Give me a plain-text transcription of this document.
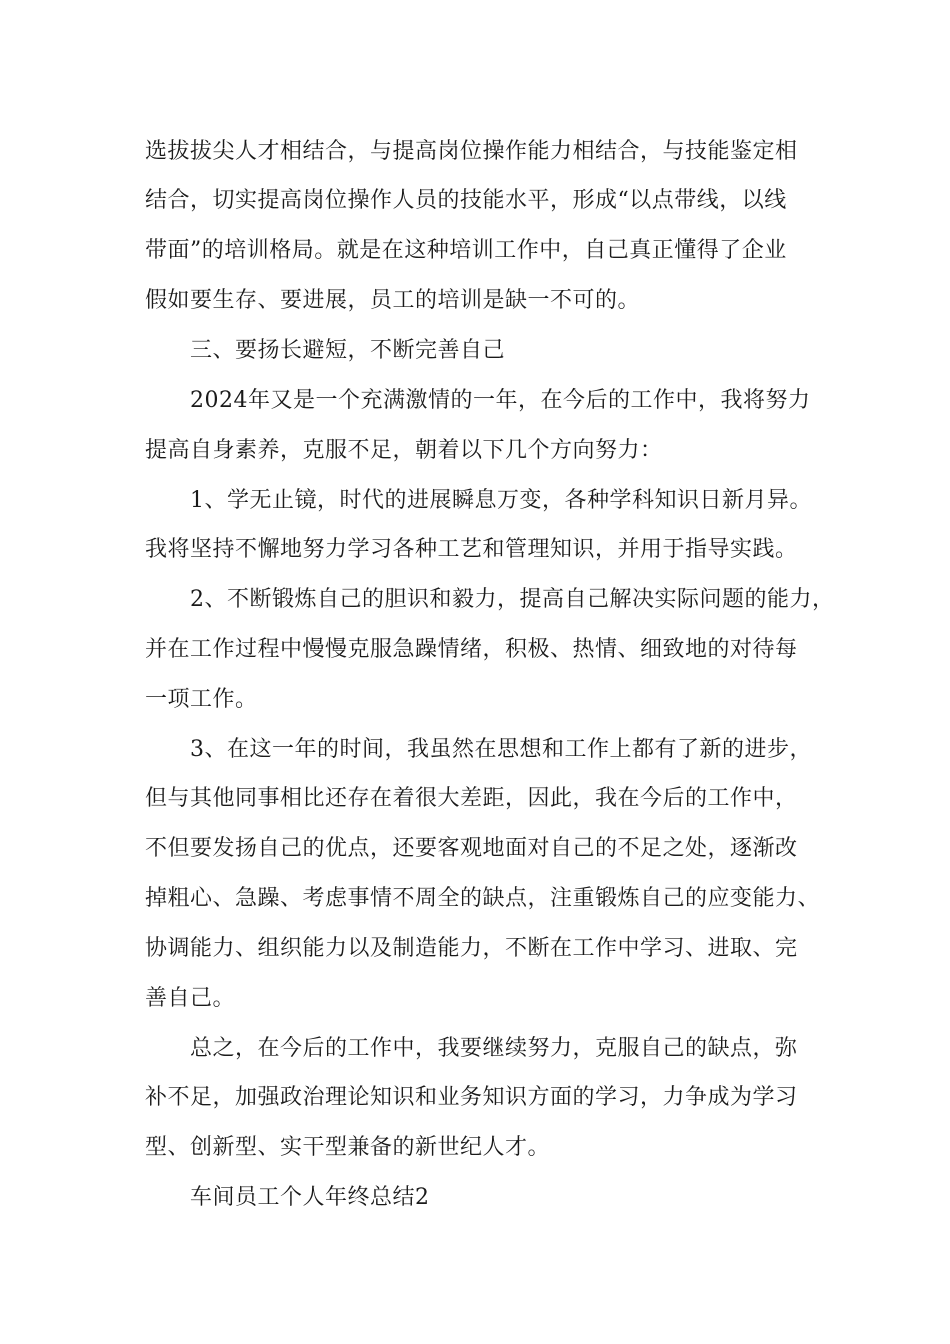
选拔拔尖人才相结合，与提高岗位操作能力相结合，与技能鉴定相
结合，切实提高岗位操作人员的技能水平，形成“以点带线，以线
带面”的培训格局。就是在这种培训工作中，自己真正懂得了企业
假如要生存、要进展，员工的培训是缺一不可的。
三、要扬长避短，不断完善自己
2024年又是一个充满激情的一年，在今后的工作中，我将努力
提高自身素养，克服不足，朝着以下几个方向努力：
1、学无止镜，时代的进展瞬息万变，各种学科知识日新月异。
我将坚持不懈地努力学习各种工艺和管理知识，并用于指导实践。
2、不断锻炼自己的胆识和毅力，提高自己解决实际问题的能力，
并在工作过程中慢慢克服急躁情绪，积极、热情、细致地的对待每
一项工作。
3、在这一年的时间，我虽然在思想和工作上都有了新的进步，
但与其他同事相比还存在着很大差距，因此，我在今后的工作中，
不但要发扬自己的优点，还要客观地面对自己的不足之处，逐渐改
掉粗心、急躁、考虑事情不周全的缺点，注重锻炼自己的应变能力、
协调能力、组织能力以及制造能力，不断在工作中学习、进取、完
善自己。
总之，在今后的工作中，我要继续努力，克服自己的缺点，弥
补不足，加强政治理论知识和业务知识方面的学习，力争成为学习
型、创新型、实干型兼备的新世纪人才。
车间员工个人年终总结2
